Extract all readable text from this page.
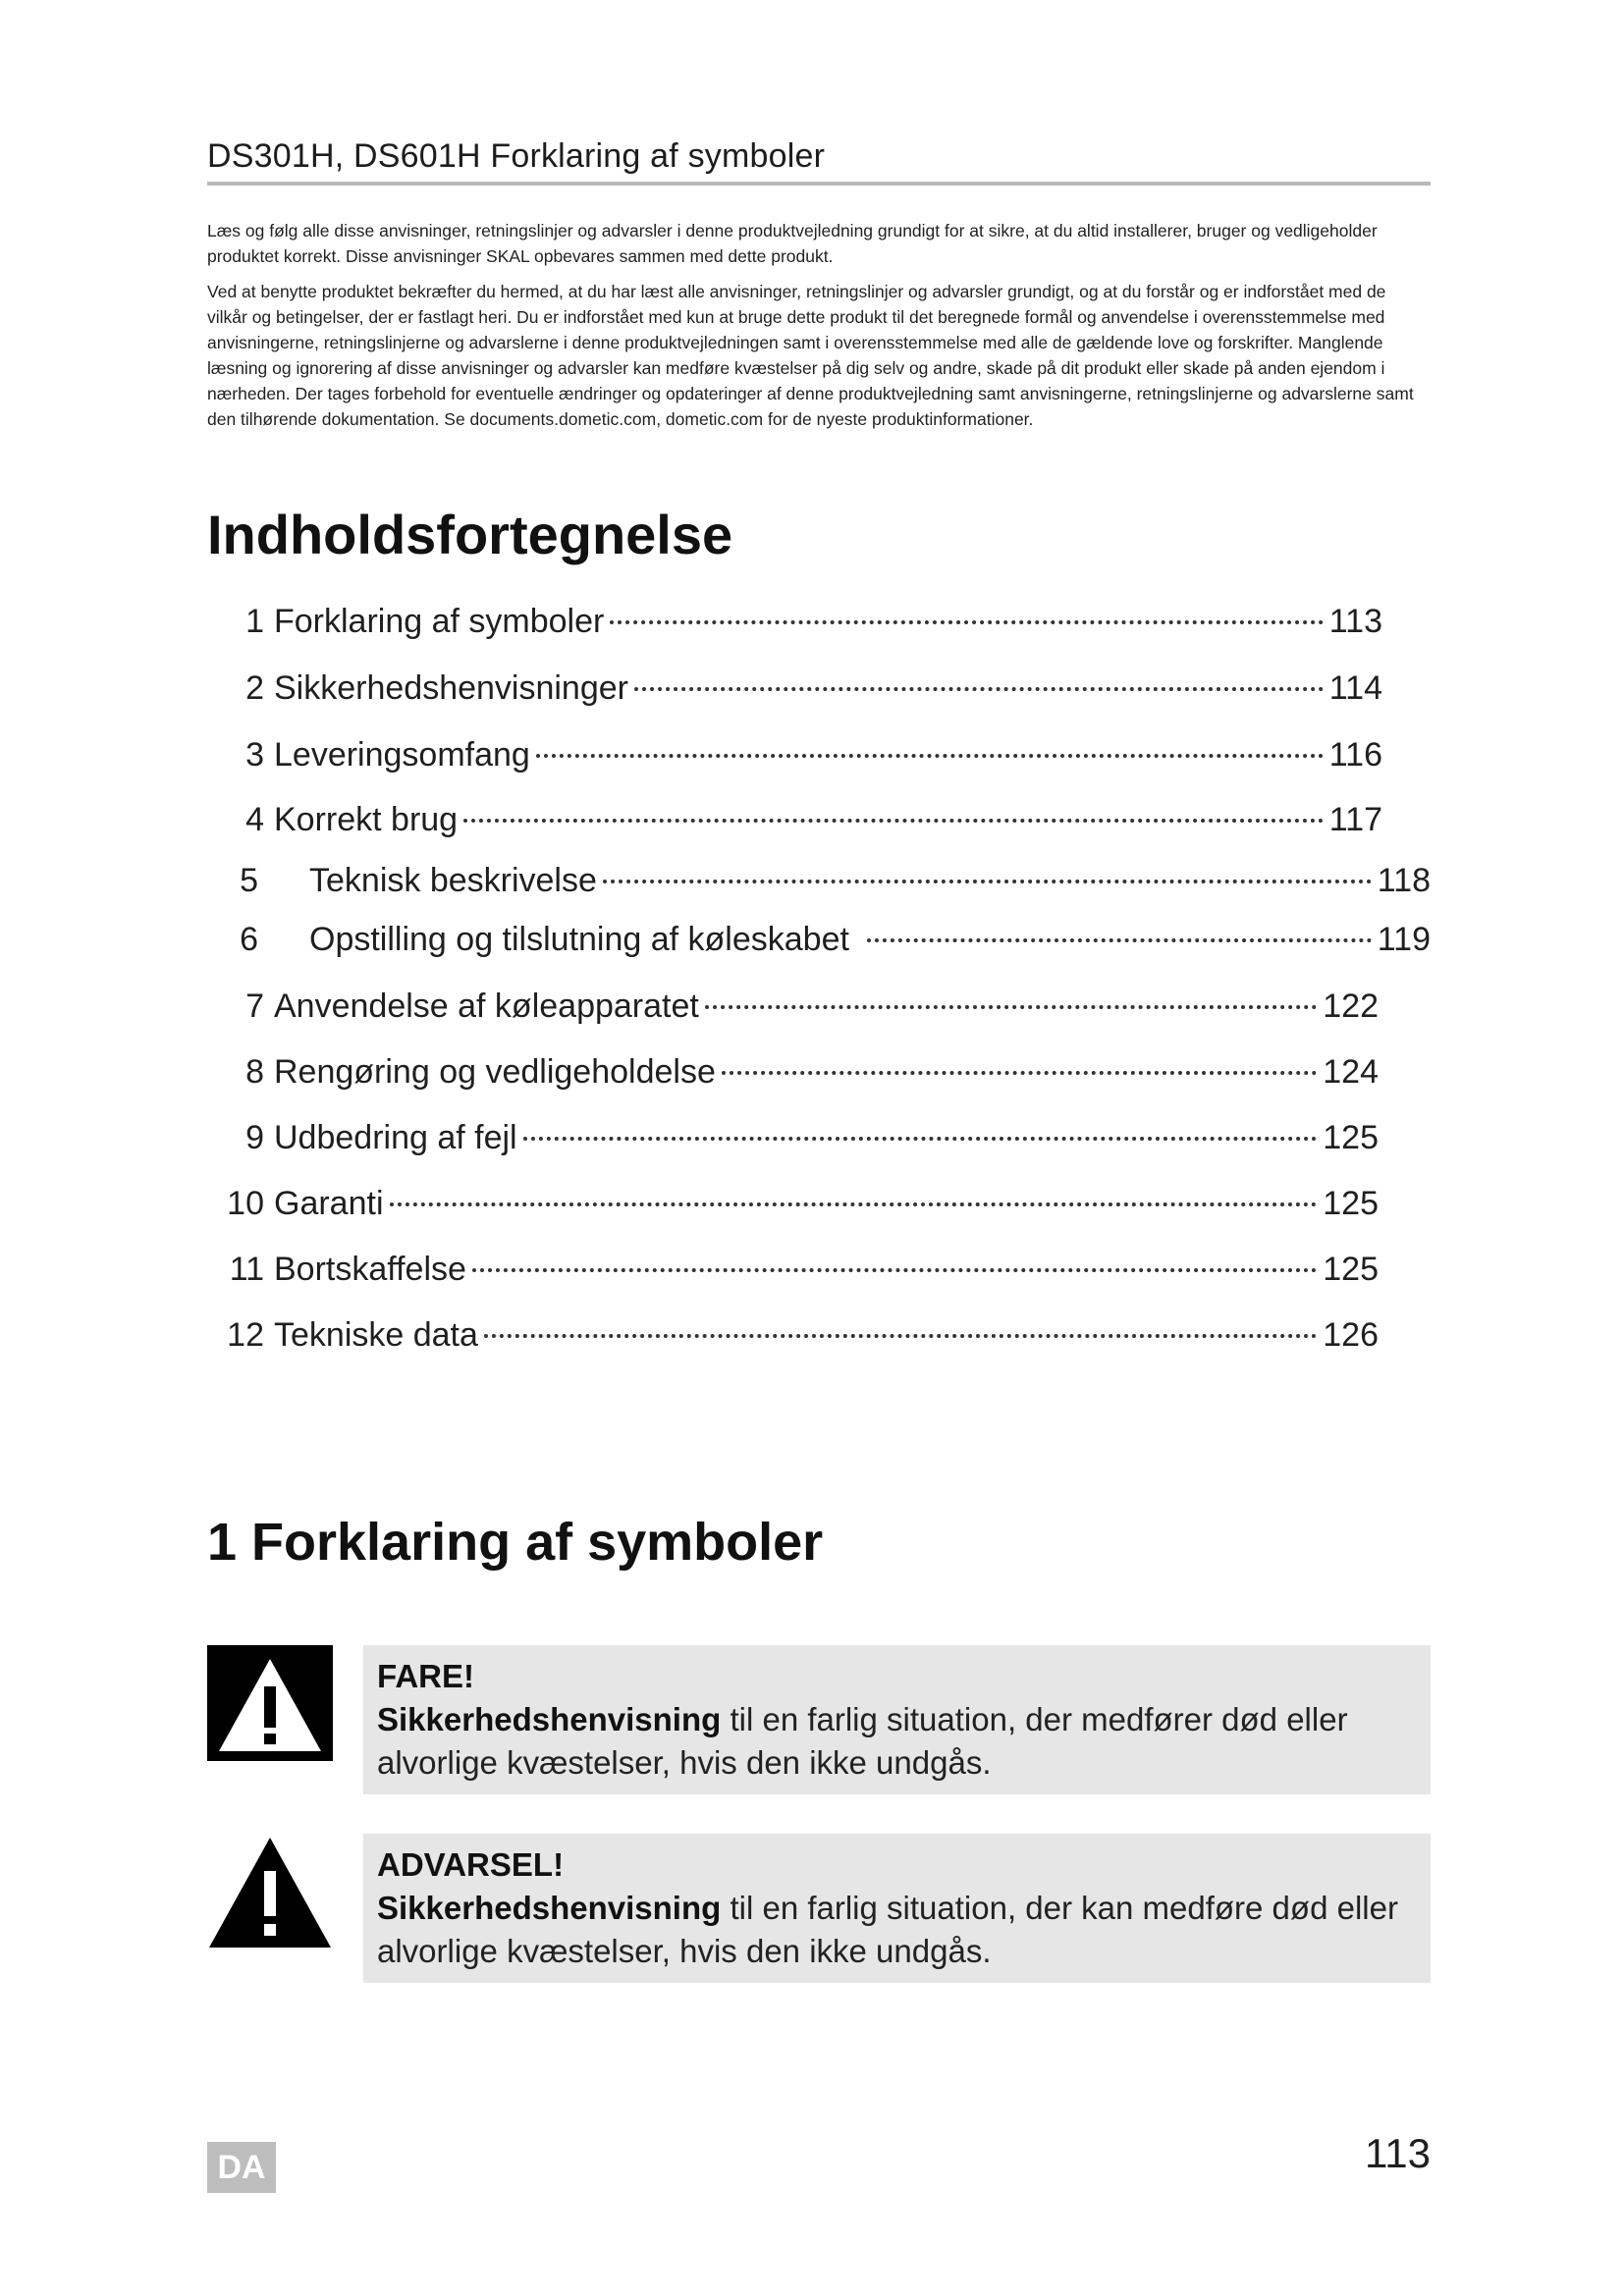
DS301H, DS601H Forklaring af symboler

Læs og følg alle disse anvisninger, retningslinjer og advarsler i denne produktvejledning grundigt for at sikre, at du altid installerer, bruger og vedligeholder produktet korrekt. Disse anvisninger SKAL opbevares sammen med dette produkt.

Ved at benytte produktet bekræfter du hermed, at du har læst alle anvisninger, retningslinjer og advarsler grundigt, og at du forstår og er indforstået med de vilkår og betingelser, der er fastlagt heri. Du er indforstået med kun at bruge dette produkt til det beregnede formål og anvendelse i overensstemmelse med anvisningerne, retningslinjerne og advarslerne i denne produktvejledningen samt i overensstemmelse med alle de gældende love og forskrifter. Manglende læsning og ignorering af disse anvisninger og advarsler kan medføre kvæstelser på dig selv og andre, skade på dit produkt eller skade på anden ejendom i nærheden. Der tages forbehold for eventuelle ændringer og opdateringer af denne produktvejledning samt anvisningerne, retningslinjerne og advarslerne samt den tilhørende dokumentation. Se documents.dometic.com, dometic.com for de nyeste produktinformationer.

Indholdsfortegnelse
1 Forklaring af symboler	113
2 Sikkerhedshenvisninger	114
3 Leveringsomfang	116
4 Korrekt brug	117
5	Teknisk beskrivelse	118
6	Opstilling og tilslutning af køleskabet	119
7 Anvendelse af køleapparatet	122
8 Rengøring og vedligeholdelse	124
9 Udbedring af fejl	125
10 Garanti	125
11 Bortskaffelse	125
12 Tekniske data	126
1 Forklaring af symboler
FARE!
Sikkerhedshenvisning til en farlig situation, der medfører død eller alvorlige kvæstelser, hvis den ikke undgås.
ADVARSEL!
Sikkerhedshenvisning til en farlig situation, der kan medføre død eller alvorlige kvæstelser, hvis den ikke undgås.
DA	113
